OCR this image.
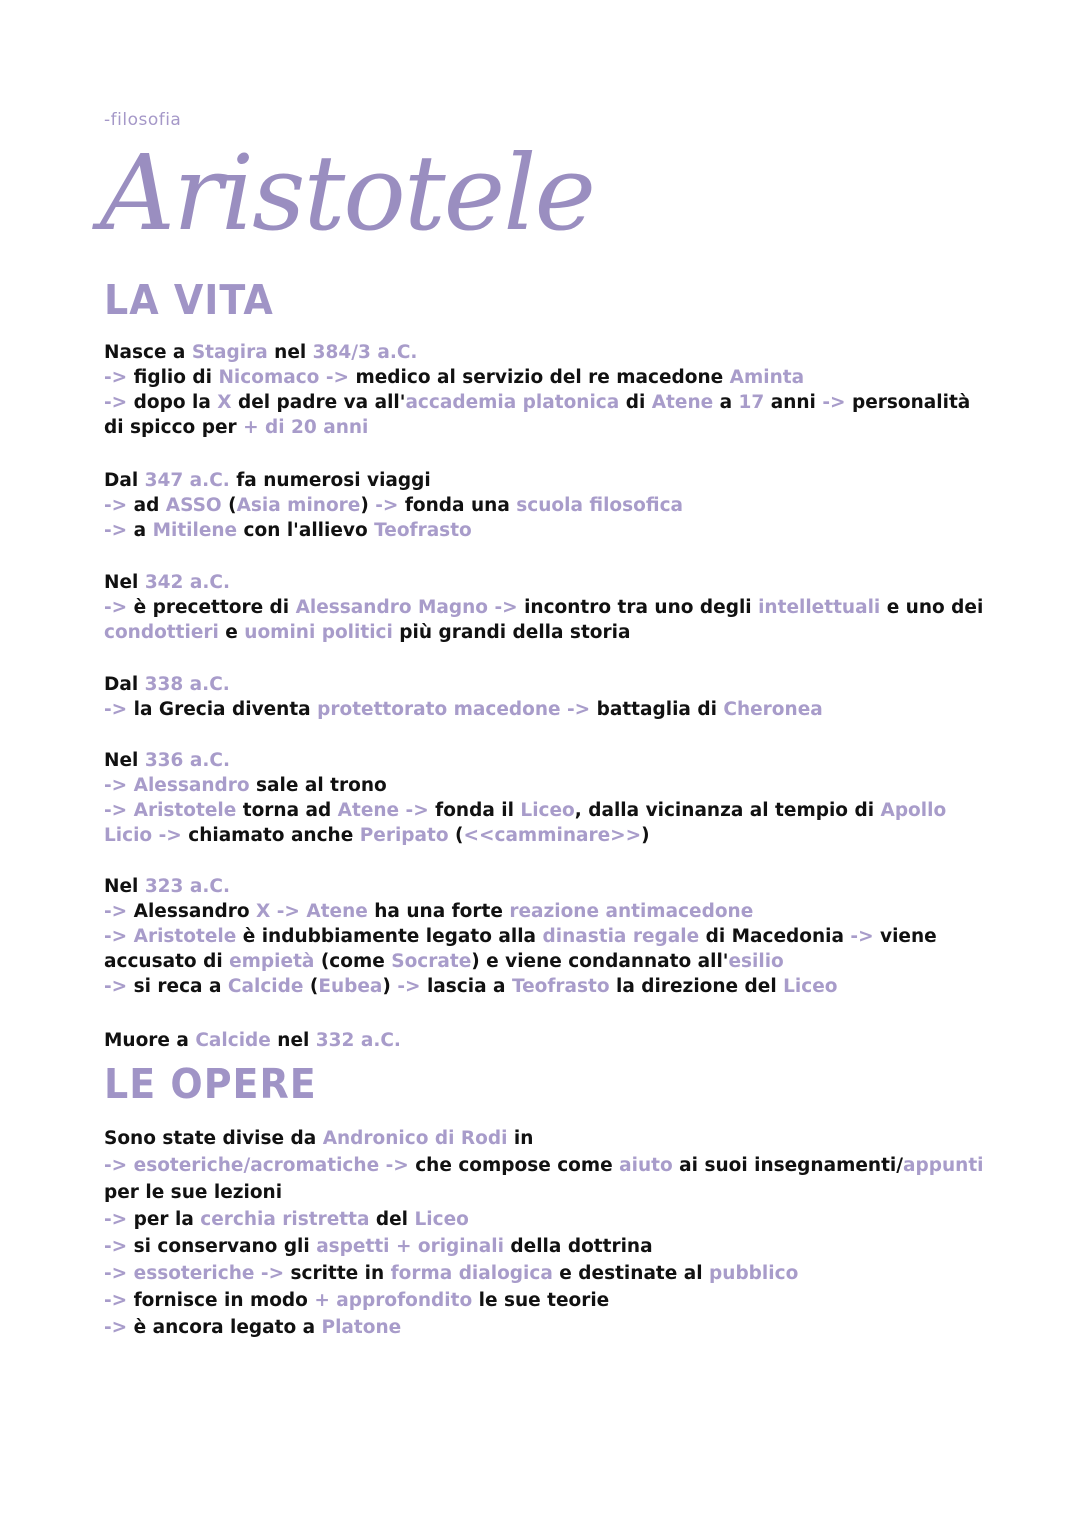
-filosofia
Aristotele
LA VITA
Nasce a Stagira nel 384/3 a.C.
-> figlio di Nicomaco -> medico al servizio del re macedone Aminta
-> dopo la X del padre va all'accademia platonica di Atene a 17 anni -> personalità di spicco per + di 20 anni
Dal 347 a.C. fa numerosi viaggi
-> ad ASSO (Asia minore) -> fonda una scuola filosofica
-> a Mitilene con l'allievo Teofrasto
Nel 342 a.C.
-> è precettore di Alessandro Magno -> incontro tra uno degli intellettuali e uno dei condottieri e uomini politici più grandi della storia
Dal 338 a.C.
-> la Grecia diventa protettorato macedone -> battaglia di Cheronea
Nel 336 a.C.
-> Alessandro sale al trono
-> Aristotele torna ad Atene -> fonda il Liceo, dalla vicinanza al tempio di Apollo Licio -> chiamato anche Peripato (<<camminare>>)
Nel 323 a.C.
-> Alessandro X -> Atene ha una forte reazione antimacedone
-> Aristotele è indubbiamente legato alla dinastia regale di Macedonia -> viene accusato di empietà (come Socrate) e viene condannato all'esilio
-> si reca a Calcide (Eubea) -> lascia a Teofrasto la direzione del Liceo
Muore a Calcide nel 332 a.C.
LE OPERE
Sono state divise da Andronico di Rodi in
-> esoteriche/acromatiche -> che compose come aiuto ai suoi insegnamenti/appunti per le sue lezioni
-> per la cerchia ristretta del Liceo
-> si conservano gli aspetti + originali della dottrina
-> essoteriche -> scritte in forma dialogica e destinate al pubblico
-> fornisce in modo + approfondito le sue teorie
-> è ancora legato a Platone
